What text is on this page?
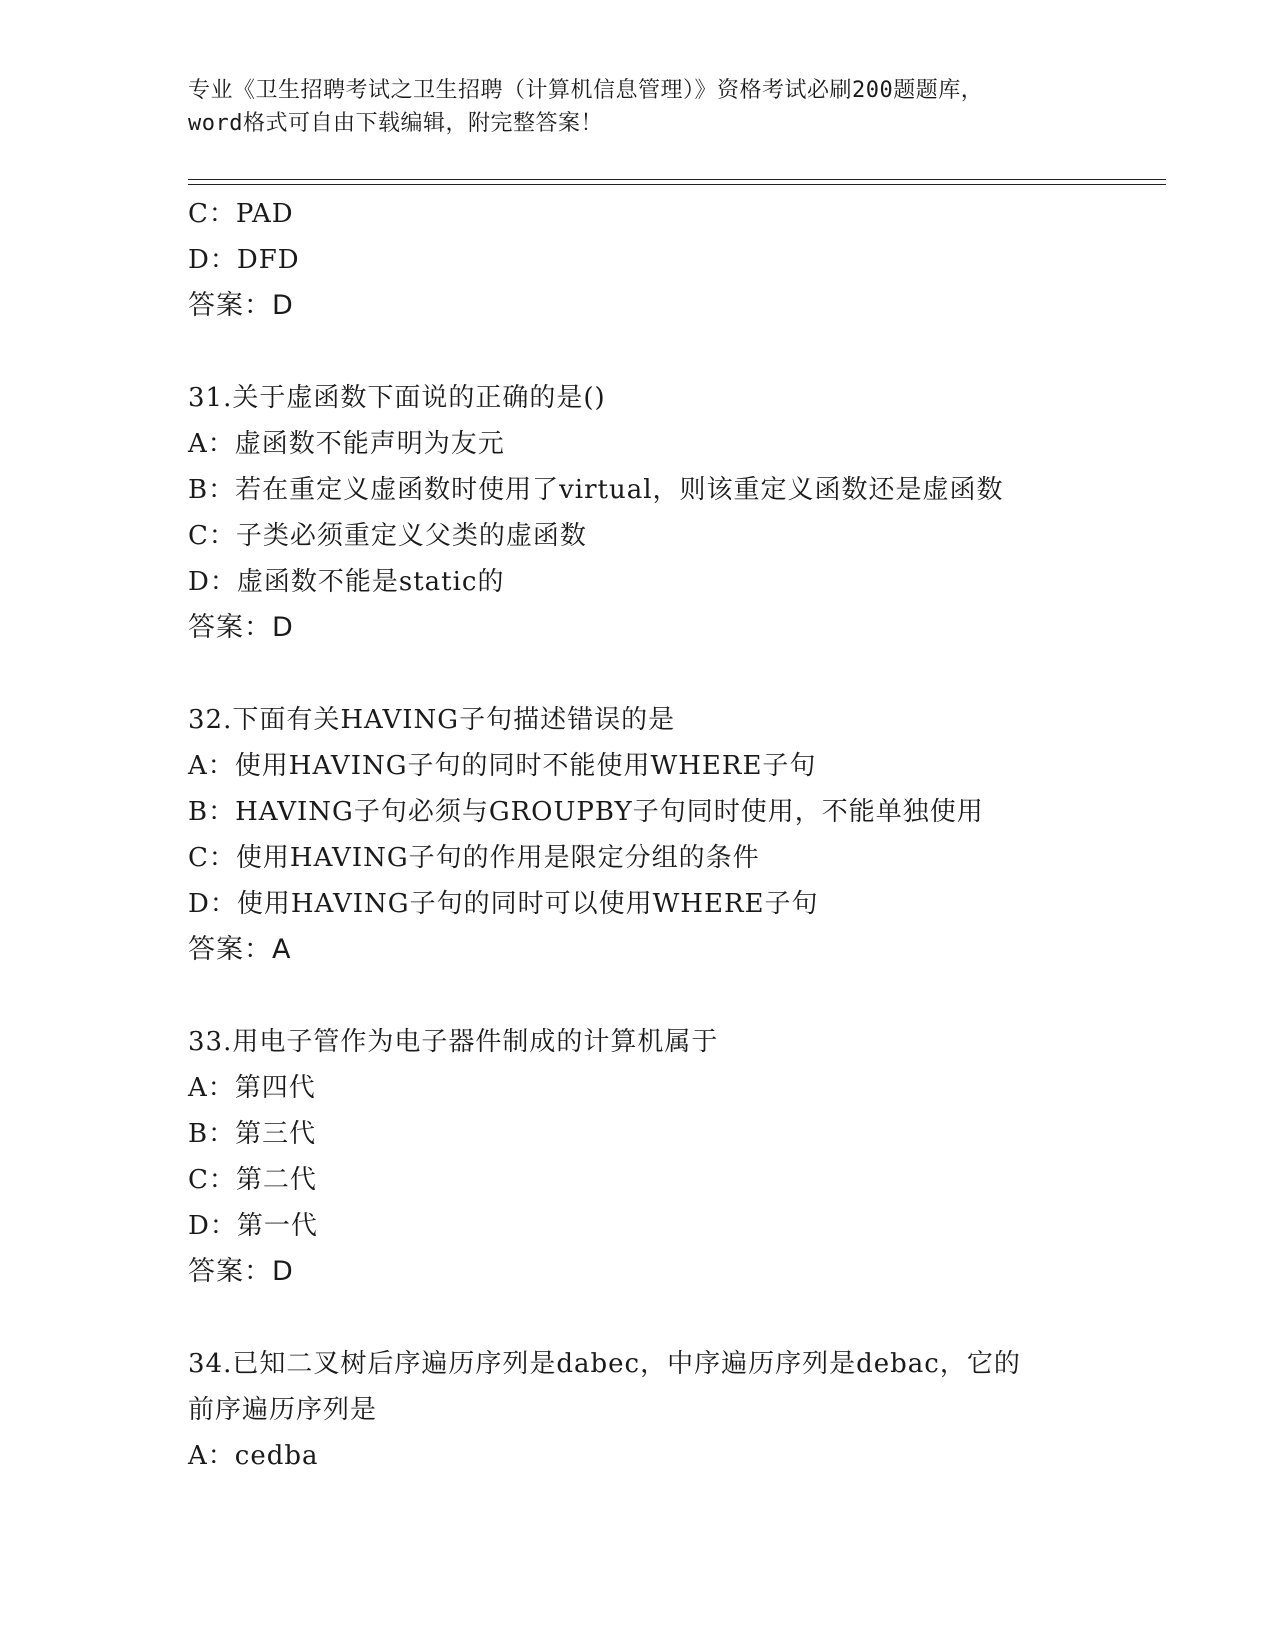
专业《卫生招聘考试之卫生招聘（计算机信息管理）》资格考试必刷200题题库，
word格式可自由下载编辑，附完整答案！
C：PAD
D：DFD
答案：D
31.关于虚函数下面说的正确的是()
A：虚函数不能声明为友元
B：若在重定义虚函数时使用了virtual，则该重定义函数还是虚函数
C：子类必须重定义父类的虚函数
D：虚函数不能是static的
答案：D
32.下面有关HAVING子句描述错误的是
A：使用HAVING子句的同时不能使用WHERE子句
B：HAVING子句必须与GROUPBY子句同时使用，不能单独使用
C：使用HAVING子句的作用是限定分组的条件
D：使用HAVING子句的同时可以使用WHERE子句
答案：A
33.用电子管作为电子器件制成的计算机属于
A：第四代
B：第三代
C：第二代
D：第一代
答案：D
34.已知二叉树后序遍历序列是dabec，中序遍历序列是debac，它的
前序遍历序列是
A：cedba
